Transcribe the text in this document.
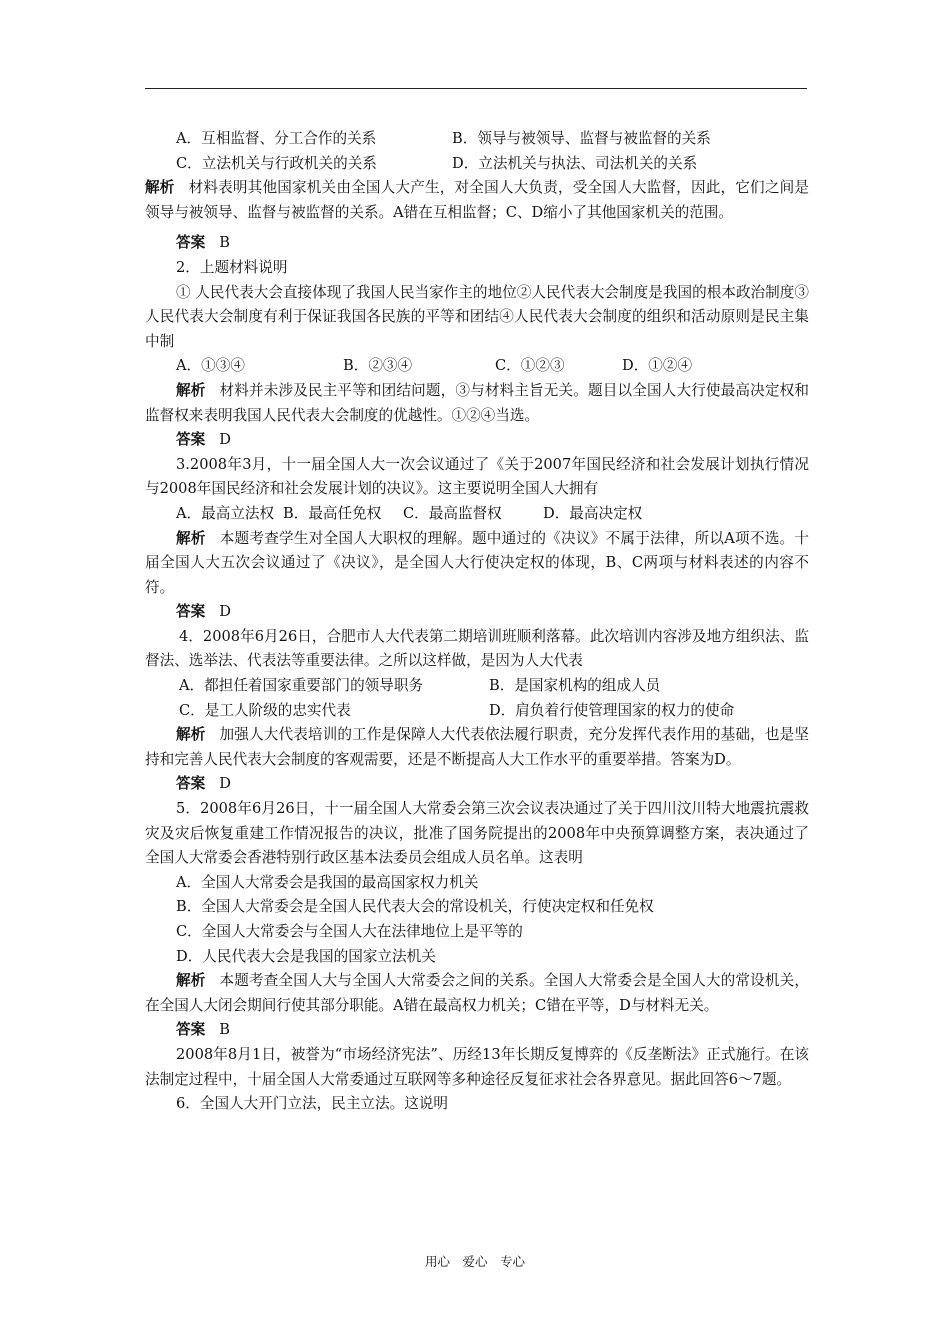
A．互相监督、分工合作的关系	B．领导与被领导、监督与被监督的关系
C．立法机关与行政机关的关系	D．立法机关与执法、司法机关的关系

解析 材料表明其他国家机关由全国人大产生，对全国人大负责，受全国人大监督，因此，它们之间是领导与被领导、监督与被监督的关系。A错在互相监督；C、D缩小了其他国家机关的范围。

答案 B

2．上题材料说明

① 人民代表大会直接体现了我国人民当家作主的地位②人民代表大会制度是我国的根本政治制度③人民代表大会制度有利于保证我国各民族的平等和团结④人民代表大会制度的组织和活动原则是民主集中制

A．①③④	B．②③④	C．①②③	D．①②④

解析 材料并未涉及民主平等和团结问题，③与材料主旨无关。题目以全国人大行使最高决定权和监督权来表明我国人民代表大会制度的优越性。①②④当选。

答案 D

3.2008年3月，十一届全国人大一次会议通过了《关于2007年国民经济和社会发展计划执行情况与2008年国民经济和社会发展计划的决议》。这主要说明全国人大拥有

A．最高立法权 B．最高任免权	C．最高监督权	D．最高决定权

解析 本题考查学生对全国人大职权的理解。题中通过的《决议》不属于法律，所以A项不选。十届全国人大五次会议通过了《决议》，是全国人大行使决定权的体现，B、C两项与材料表述的内容不符。

答案 D

4．2008年6月26日，合肥市人大代表第二期培训班顺利落幕。此次培训内容涉及地方组织法、监督法、选举法、代表法等重要法律。之所以这样做，是因为人大代表

A．都担任着国家重要部门的领导职务	B．是国家机构的组成人员
C．是工人阶级的忠实代表	D．肩负着行使管理国家的权力的使命

解析 加强人大代表培训的工作是保障人大代表依法履行职责，充分发挥代表作用的基础，也是坚持和完善人民代表大会制度的客观需要，还是不断提高人大工作水平的重要举措。答案为D。

答案 D

5．2008年6月26日，十一届全国人大常委会第三次会议表决通过了关于四川汶川特大地震抗震救灾及灾后恢复重建工作情况报告的决议，批准了国务院提出的2008年中央预算调整方案，表决通过了全国人大常委会香港特别行政区基本法委员会组成人员名单。这表明

A．全国人大常委会是我国的最高国家权力机关

B．全国人大常委会是全国人民代表大会的常设机关，行使决定权和任免权

C．全国人大常委会与全国人大在法律地位上是平等的

D．人民代表大会是我国的国家立法机关

解析 本题考查全国人大与全国人大常委会之间的关系。全国人大常委会是全国人大的常设机关，在全国人大闭会期间行使其部分职能。A错在最高权力机关；C错在平等，D与材料无关。

答案 B

2008年8月1日，被誉为“市场经济宪法”、历经13年长期反复博弈的《反垄断法》正式施行。在该法制定过程中，十届全国人大常委通过互联网等多种途径反复征求社会各界意见。据此回答6～7题。

6．全国人大开门立法，民主立法。这说明

用心　爱心　专心
